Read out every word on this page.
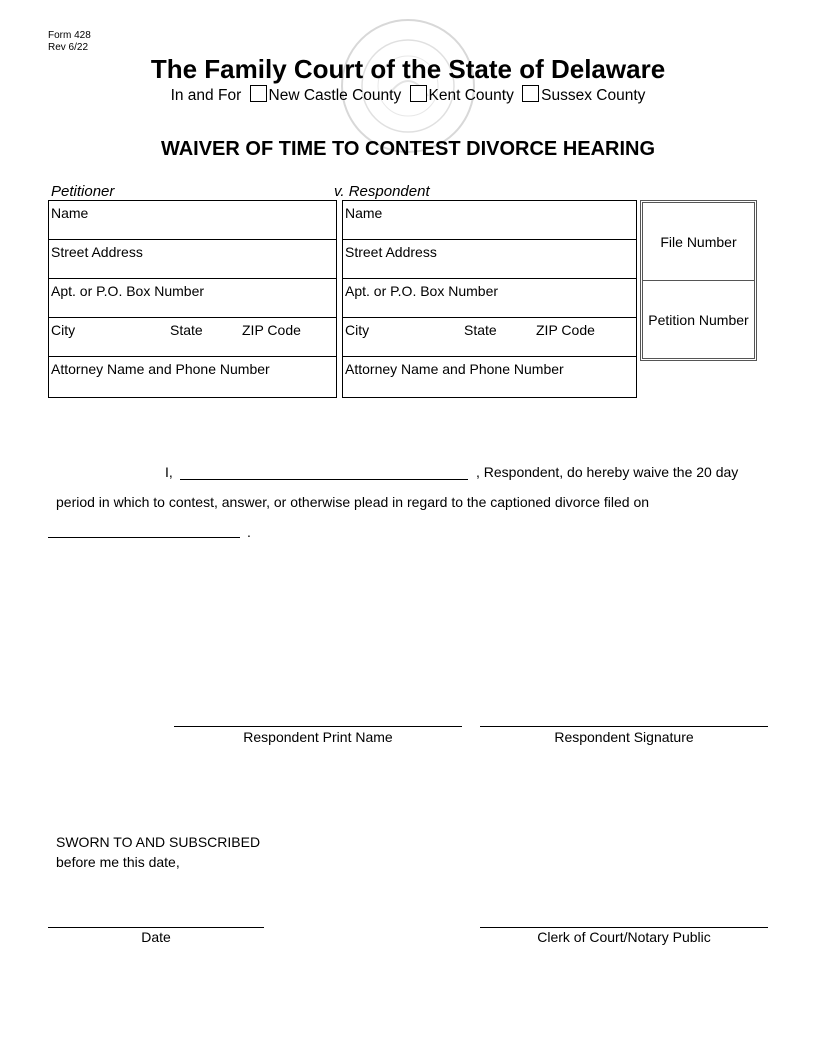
Form 428
Rev 6/22
The Family Court of the State of Delaware
In and For New Castle County Kent County Sussex County
WAIVER OF TIME TO CONTEST DIVORCE HEARING
Petitioner
Name
Street Address
Apt. or P.O. Box Number
City	State	ZIP Code
Attorney Name and Phone Number
v. Respondent
Name
Street Address
Apt. or P.O. Box Number
City	State	ZIP Code
Attorney Name and Phone Number
File Number
Petition Number
I,	, Respondent, do hereby waive the 20 day
period in which to contest, answer, or otherwise plead in regard to the captioned divorce filed on
.
Respondent Print Name	Respondent Signature
SWORN TO AND SUBSCRIBED
before me this date,
Date	Clerk of Court/Notary Public
